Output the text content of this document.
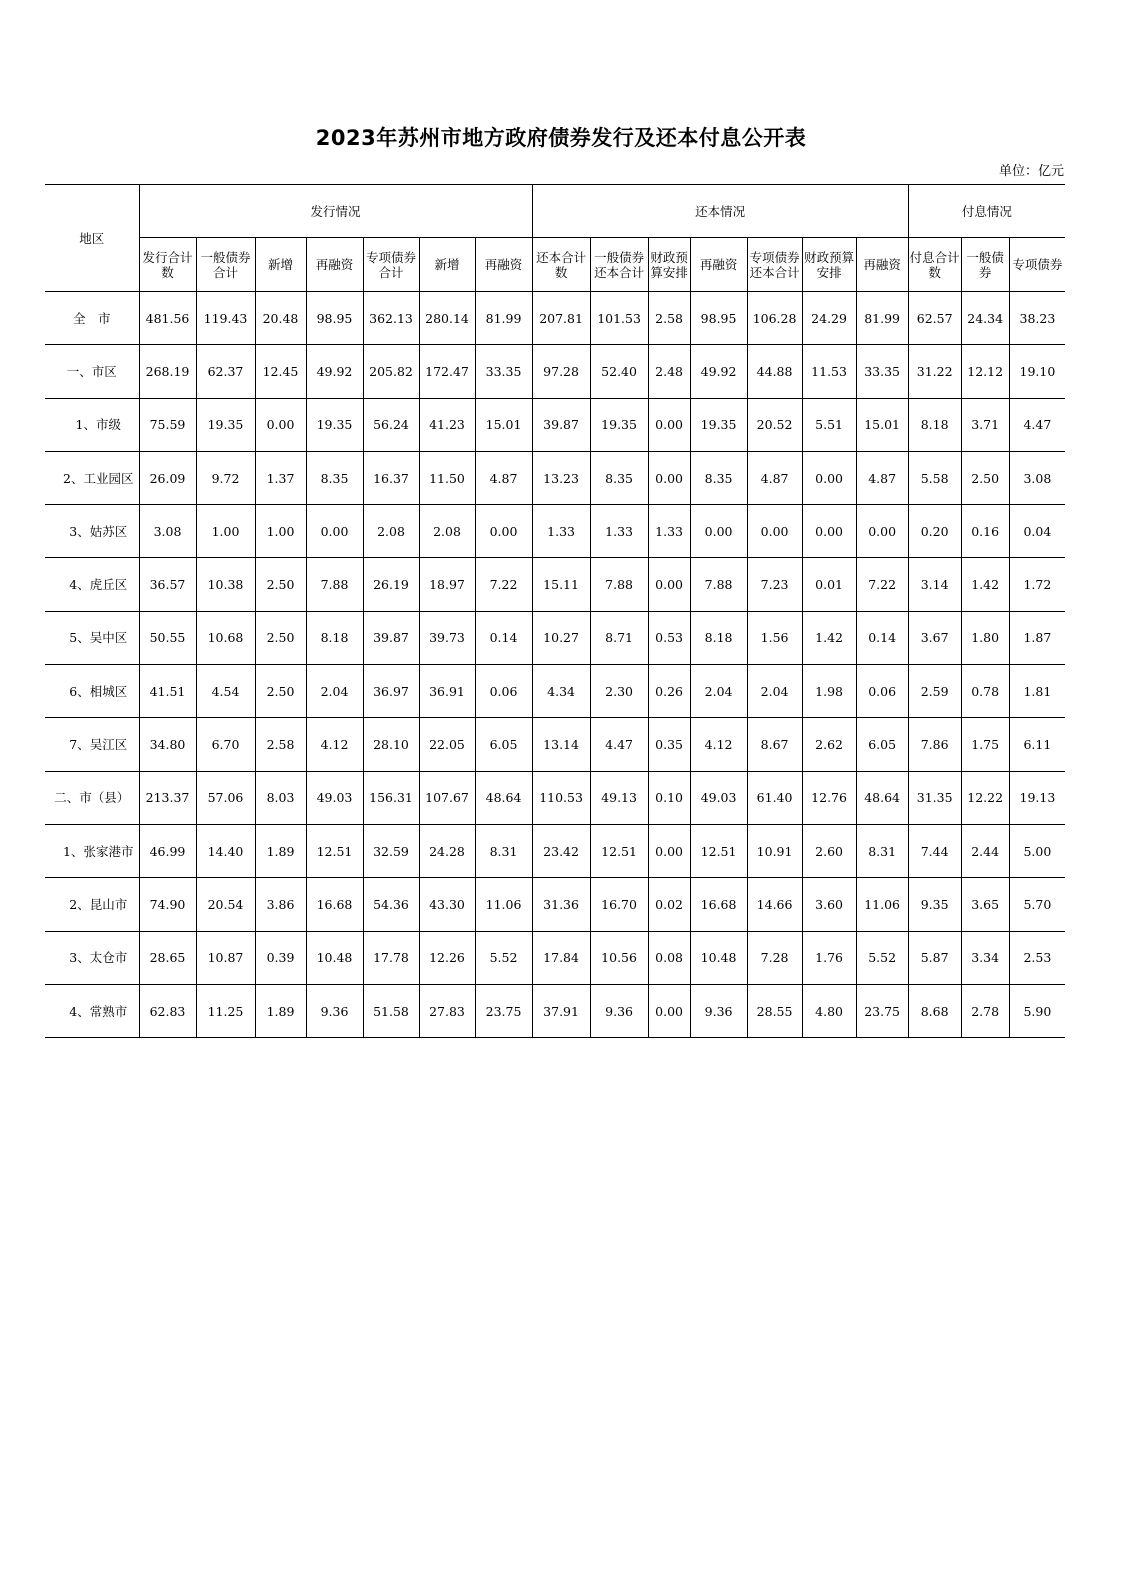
2023年苏州市地方政府债券发行及还本付息公开表
单位：亿元
地区	发行情况							还本情况							付息情况		
	发行合计数	一般债券合计	新增	再融资	专项债券合计	新增	再融资	还本合计数	一般债券还本合计	财政预算安排	再融资	专项债券还本合计	财政预算安排	再融资	付息合计数	一般债券	专项债券
全　市	481.56	119.43	20.48	98.95	362.13	280.14	81.99	207.81	101.53	2.58	98.95	106.28	24.29	81.99	62.57	24.34	38.23
一、市区	268.19	62.37	12.45	49.92	205.82	172.47	33.35	97.28	52.40	2.48	49.92	44.88	11.53	33.35	31.22	12.12	19.10
1、市级	75.59	19.35	0.00	19.35	56.24	41.23	15.01	39.87	19.35	0.00	19.35	20.52	5.51	15.01	8.18	3.71	4.47
2、工业园区	26.09	9.72	1.37	8.35	16.37	11.50	4.87	13.23	8.35	0.00	8.35	4.87	0.00	4.87	5.58	2.50	3.08
3、姑苏区	3.08	1.00	1.00	0.00	2.08	2.08	0.00	1.33	1.33	1.33	0.00	0.00	0.00	0.00	0.20	0.16	0.04
4、虎丘区	36.57	10.38	2.50	7.88	26.19	18.97	7.22	15.11	7.88	0.00	7.88	7.23	0.01	7.22	3.14	1.42	1.72
5、吴中区	50.55	10.68	2.50	8.18	39.87	39.73	0.14	10.27	8.71	0.53	8.18	1.56	1.42	0.14	3.67	1.80	1.87
6、相城区	41.51	4.54	2.50	2.04	36.97	36.91	0.06	4.34	2.30	0.26	2.04	2.04	1.98	0.06	2.59	0.78	1.81
7、吴江区	34.80	6.70	2.58	4.12	28.10	22.05	6.05	13.14	4.47	0.35	4.12	8.67	2.62	6.05	7.86	1.75	6.11
二、市（县）	213.37	57.06	8.03	49.03	156.31	107.67	48.64	110.53	49.13	0.10	49.03	61.40	12.76	48.64	31.35	12.22	19.13
1、张家港市	46.99	14.40	1.89	12.51	32.59	24.28	8.31	23.42	12.51	0.00	12.51	10.91	2.60	8.31	7.44	2.44	5.00
2、昆山市	74.90	20.54	3.86	16.68	54.36	43.30	11.06	31.36	16.70	0.02	16.68	14.66	3.60	11.06	9.35	3.65	5.70
3、太仓市	28.65	10.87	0.39	10.48	17.78	12.26	5.52	17.84	10.56	0.08	10.48	7.28	1.76	5.52	5.87	3.34	2.53
4、常熟市	62.83	11.25	1.89	9.36	51.58	27.83	23.75	37.91	9.36	0.00	9.36	28.55	4.80	23.75	8.68	2.78	5.90
